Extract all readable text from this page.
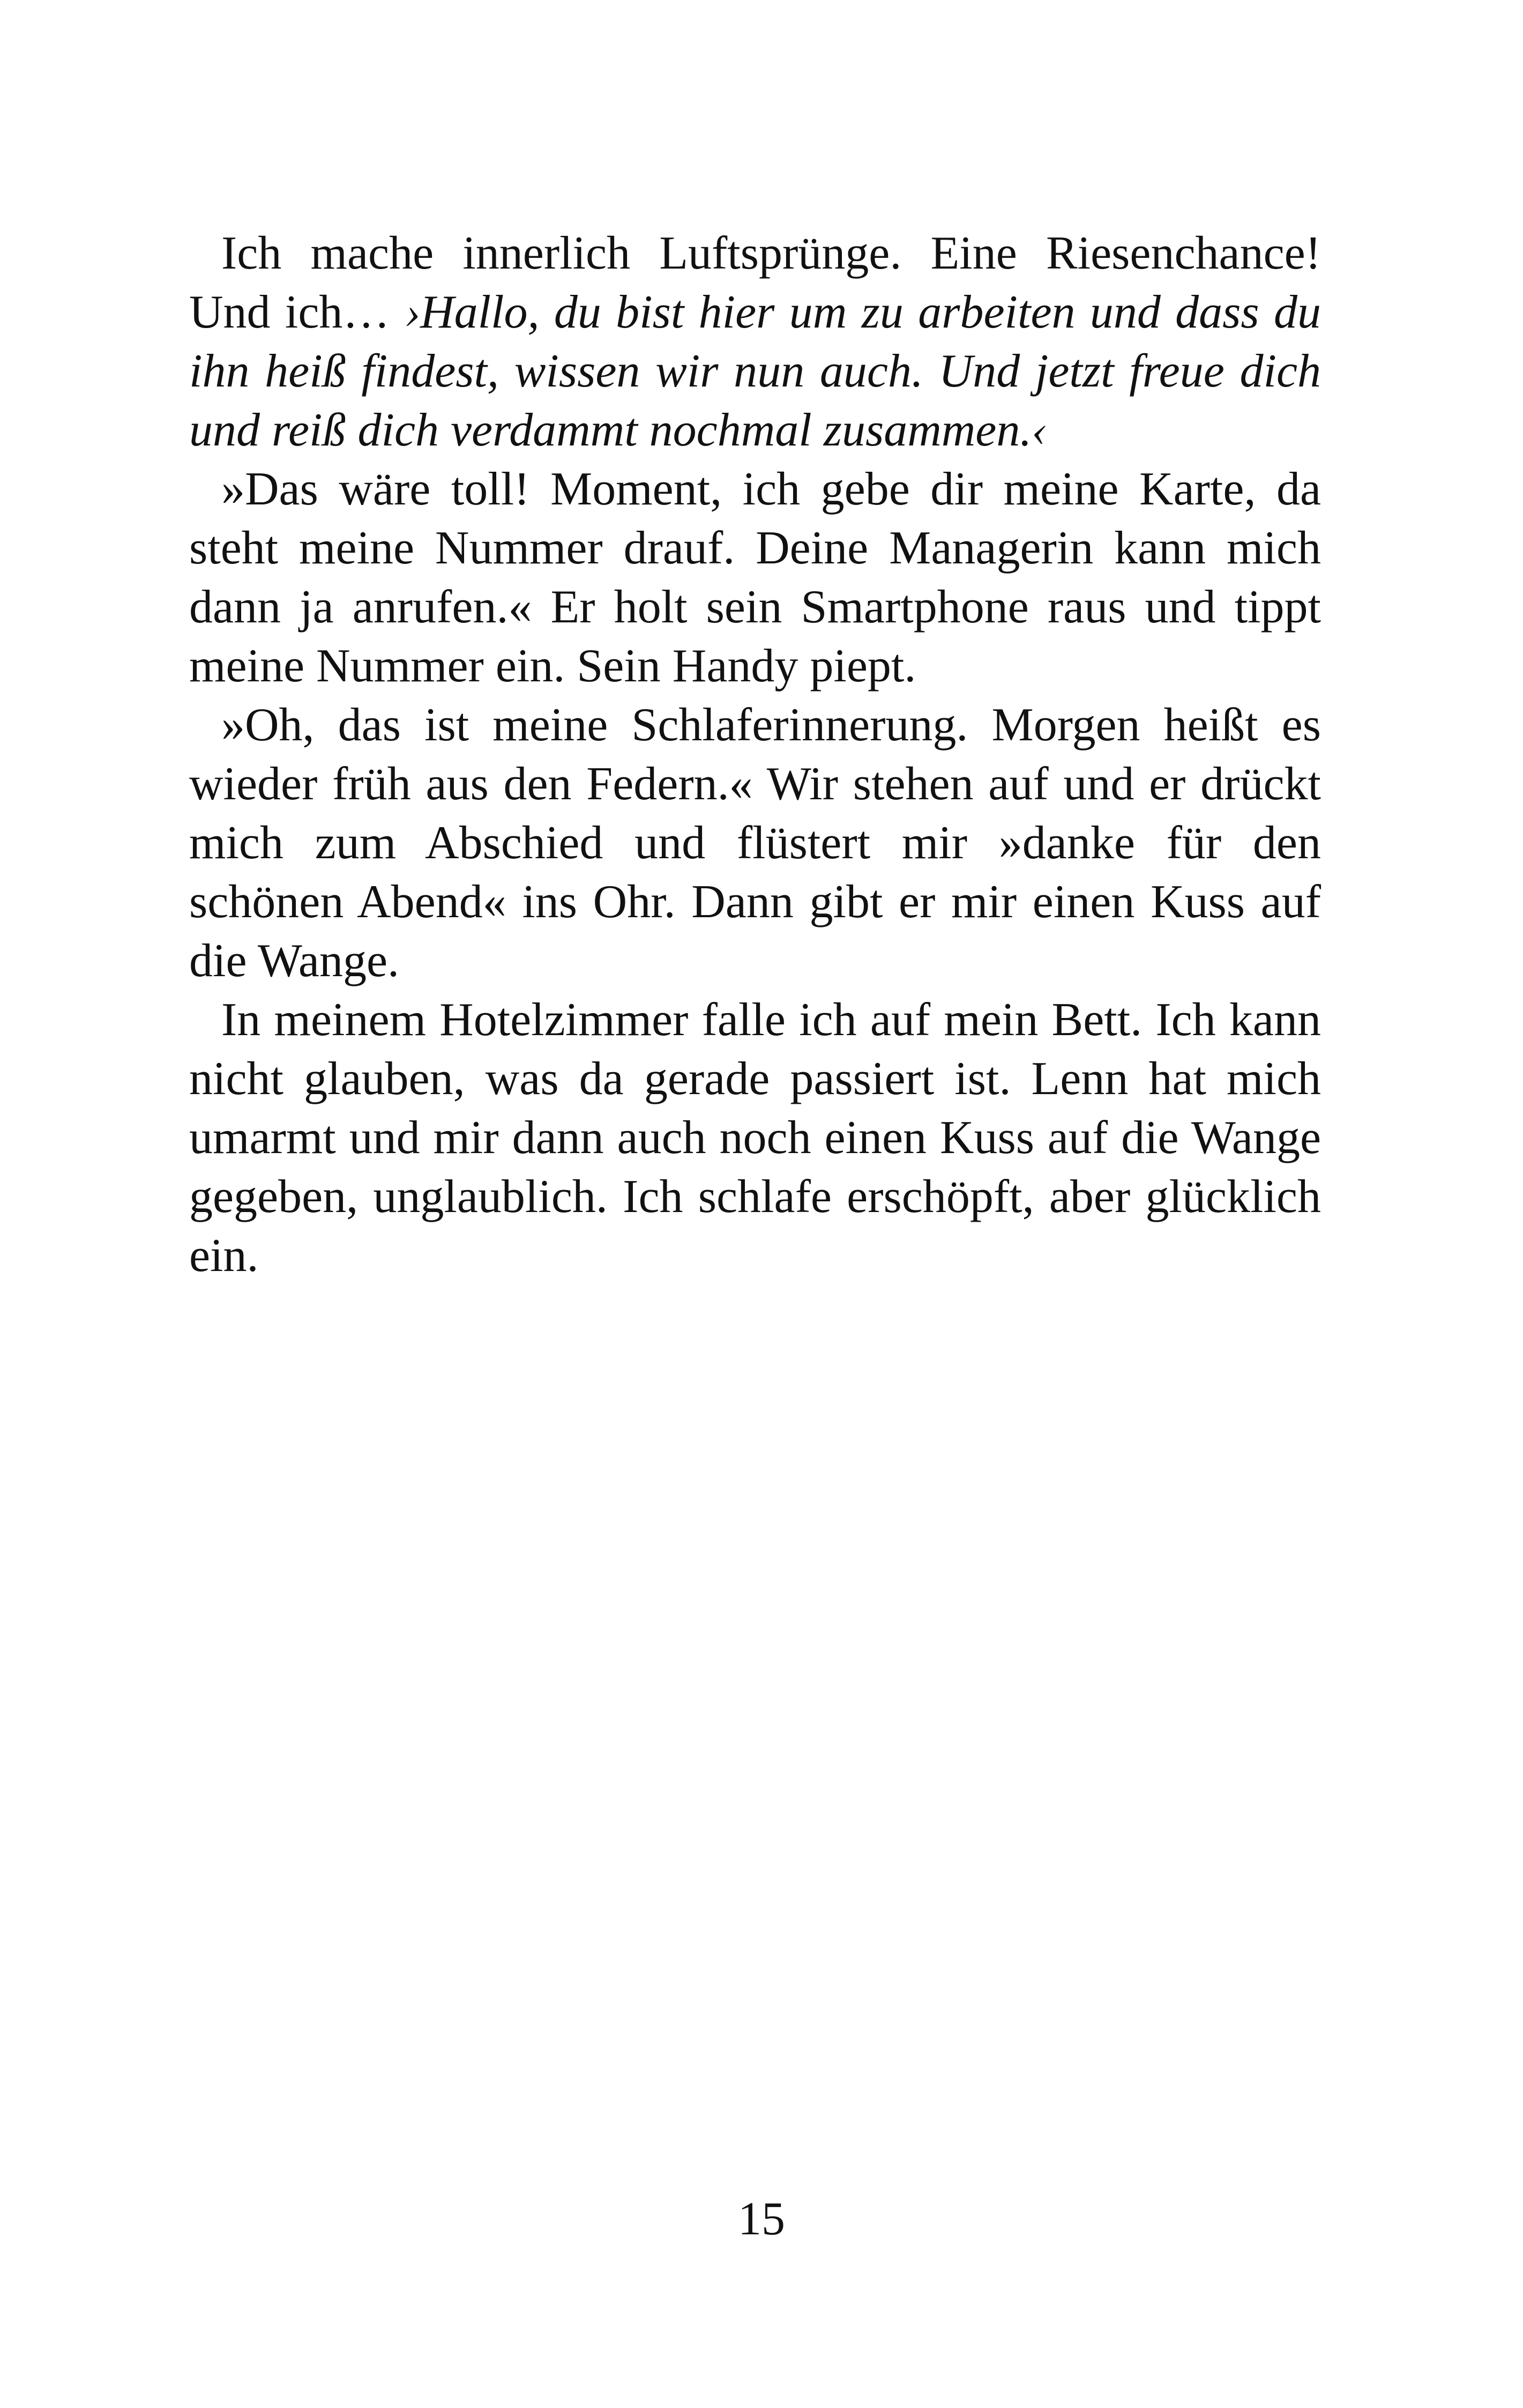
Ich mache innerlich Luftsprünge. Eine Riesenchance! Und ich… ›Hallo, du bist hier um zu arbeiten und dass du ihn heiß findest, wissen wir nun auch. Und jetzt freue dich und reiß dich verdammt nochmal zusammen.‹

»Das wäre toll! Moment, ich gebe dir meine Karte, da steht meine Nummer drauf. Deine Managerin kann mich dann ja anrufen.« Er holt sein Smartphone raus und tippt meine Nummer ein. Sein Handy piept.

»Oh, das ist meine Schlaferinnerung. Morgen heißt es wieder früh aus den Federn.« Wir stehen auf und er drückt mich zum Abschied und flüstert mir »danke für den schönen Abend« ins Ohr. Dann gibt er mir einen Kuss auf die Wange.

In meinem Hotelzimmer falle ich auf mein Bett. Ich kann nicht glauben, was da gerade passiert ist. Lenn hat mich umarmt und mir dann auch noch einen Kuss auf die Wange gegeben, unglaublich. Ich schlafe erschöpft, aber glücklich ein.

15
